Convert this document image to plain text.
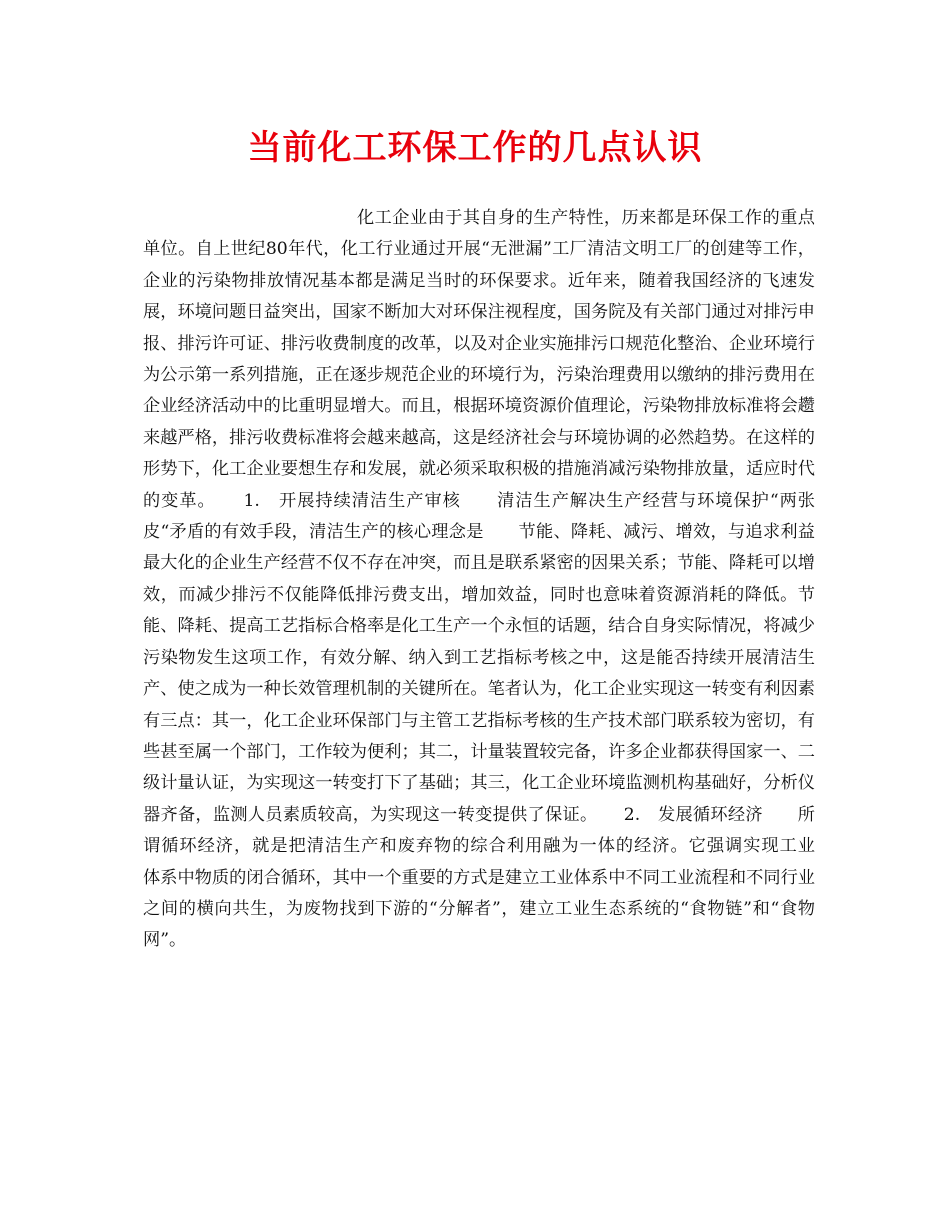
当前化工环保工作的几点认识

化工企业由于其自身的生产特性，历来都是环保工作的重点单位。自上世纪80年代，化工行业通过开展“无泄漏”工厂清洁文明工厂的创建等工作，企业的污染物排放情况基本都是满足当时的环保要求。近年来，随着我国经济的飞速发展，环境问题日益突出，国家不断加大对环保注视程度，国务院及有关部门通过对排污申报、排污许可证、排污收费制度的改革，以及对企业实施排污口规范化整治、企业环境行为公示第一系列措施，正在逐步规范企业的环境行为，污染治理费用以缴纳的排污费用在企业经济活动中的比重明显增大。而且，根据环境资源价值理论，污染物排放标准将会趱来越严格，排污收费标准将会越来越高，这是经济社会与环境协调的必然趋势。在这样的形势下，化工企业要想生存和发展，就必须采取积极的措施消减污染物排放量，适应时代的变革。　　1.　开展持续清洁生产审核　　清洁生产解决生产经营与环境保护“两张皮“矛盾的有效手段，清洁生产的核心理念是　　节能、降耗、减污、增效，与追求利益最大化的企业生产经营不仅不存在冲突，而且是联系紧密的因果关系；节能、降耗可以增效，而减少排污不仅能降低排污费支出，增加效益，同时也意味着资源消耗的降低。节能、降耗、提高工艺指标合格率是化工生产一个永恒的话题，结合自身实际情况，将减少污染物发生这项工作，有效分解、纳入到工艺指标考核之中，这是能否持续开展清洁生产、使之成为一种长效管理机制的关键所在。笔者认为，化工企业实现这一转变有利因素有三点：其一，化工企业环保部门与主管工艺指标考核的生产技术部门联系较为密切，有些甚至属一个部门，工作较为便利；其二，计量装置较完备，许多企业都获得国家一、二级计量认证，为实现这一转变打下了基础；其三，化工企业环境监测机构基础好，分析仪器齐备，监测人员素质较高，为实现这一转变提供了保证。　　2.　发展循环经济　　所谓循环经济，就是把清洁生产和废弃物的综合利用融为一体的经济。它强调实现工业　　体系中物质的闭合循环，其中一个重要的方式是建立工业体系中不同工业流程和不同行业之间的横向共生，为废物找到下游的“分解者”，建立工业生态系统的“食物链”和“食物网”。
